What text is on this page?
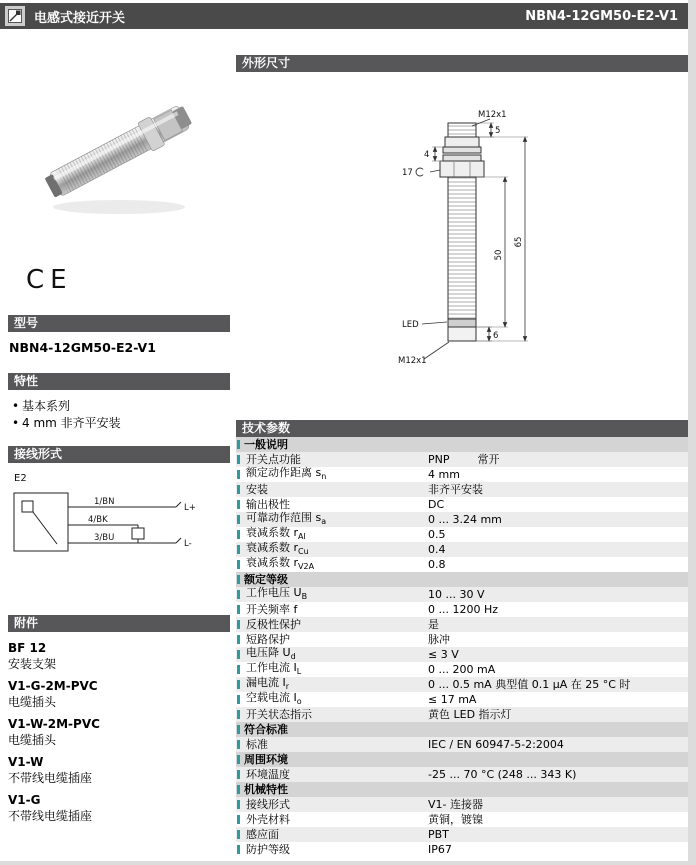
电感式接近开关	NBN4-12GM50-E2-V1
CE
型号
NBN4-12GM50-E2-V1
特性
• 基本系列
• 4 mm 非齐平安装
接线形式
E2
1/BN
4/BK
3/BU
L+
L-
附件
BF 12
安装支架
V1-G-2M-PVC
电缆插头
V1-W-2M-PVC
电缆插头
V1-W
不带线电缆插座
V1-G
不带线电缆插座
外形尺寸
M12x1
5
4
17
50
65
LED
6
M12x1
技术参数
一般说明
开关点功能	PNP	常开
额定动作距离 $s_n$	4 mm
安装	非齐平安装
输出极性	DC
可靠动作范围 $s_a$	0 ... 3.24 mm
衰减系数 $r_{Al}$	0.5
衰减系数 $r_{Cu}$	0.4
衰减系数 $r_{V2A}$	0.8
额定等级
工作电压 $U_B$	10 ... 30 V
开关频率 f	0 ... 1200 Hz
反极性保护	是
短路保护	脉冲
电压降 $U_d$	≤ 3 V
工作电流 $I_L$	0 ... 200 mA
漏电流 $I_r$	0 ... 0.5 mA 典型值 0.1 μA 在 25 °C 时
空载电流 $I_o$	≤ 17 mA
开关状态指示	黄色 LED 指示灯
符合标准
标准	IEC / EN 60947-5-2:2004
周围环境
环境温度	-25 ... 70 °C (248 ... 343 K)
机械特性
接线形式	V1- 连接器
外壳材料	黄铜，镀镍
感应面	PBT
防护等级	IP67
